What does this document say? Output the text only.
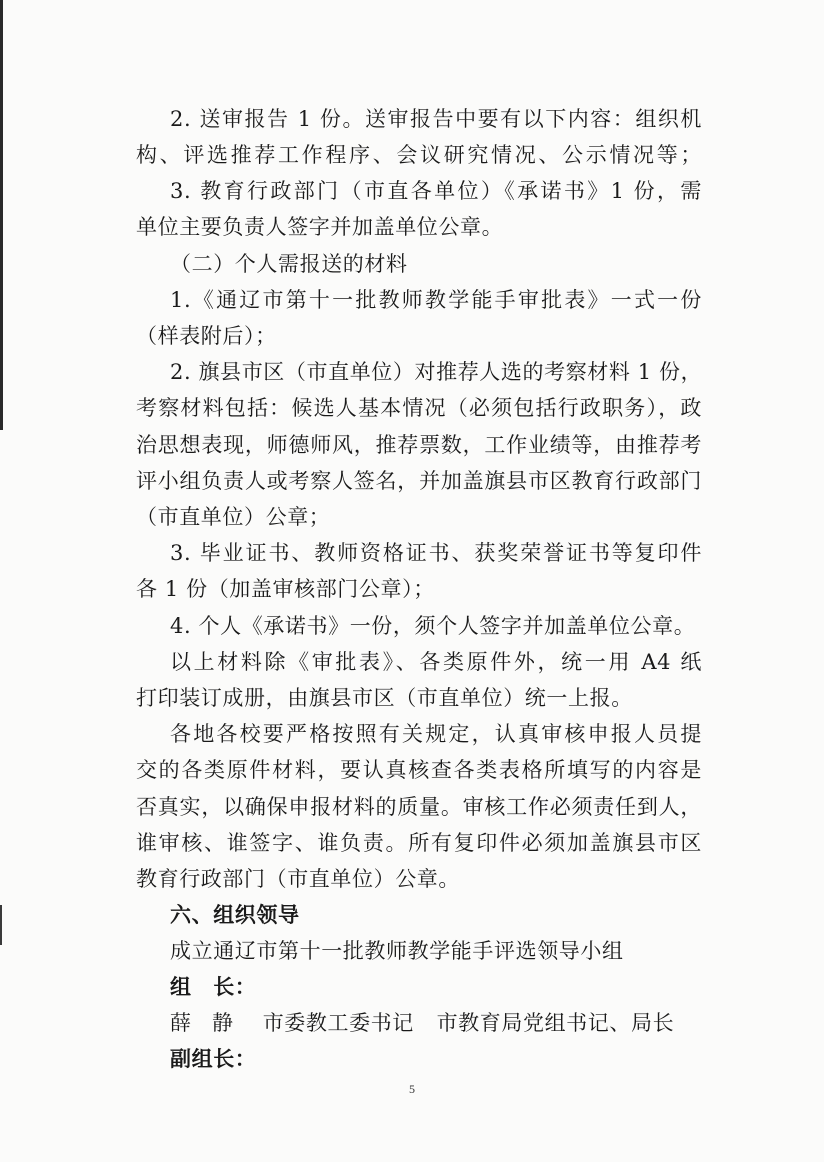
2. 送审报告 1 份。送审报告中要有以下内容：组织机
构、评选推荐工作程序、会议研究情况、公示情况等；
3. 教育行政部门（市直各单位）《承诺书》1 份，需
单位主要负责人签字并加盖单位公章。
（二）个人需报送的材料
1.《通辽市第十一批教师教学能手审批表》一式一份
（样表附后）；
2. 旗县市区（市直单位）对推荐人选的考察材料 1 份，
考察材料包括：候选人基本情况（必须包括行政职务），政
治思想表现，师德师风，推荐票数，工作业绩等，由推荐考
评小组负责人或考察人签名，并加盖旗县市区教育行政部门
（市直单位）公章；
3. 毕业证书、教师资格证书、获奖荣誉证书等复印件
各 1 份（加盖审核部门公章）；
4. 个人《承诺书》一份，须个人签字并加盖单位公章。
以上材料除《审批表》、各类原件外，统一用 A4 纸
打印装订成册，由旗县市区（市直单位）统一上报。
各地各校要严格按照有关规定，认真审核申报人员提
交的各类原件材料，要认真核查各类表格所填写的内容是
否真实，以确保申报材料的质量。审核工作必须责任到人，
谁审核、谁签字、谁负责。所有复印件必须加盖旗县市区
教育行政部门（市直单位）公章。
六、组织领导
成立通辽市第十一批教师教学能手评选领导小组
组　长：
薛　静 市委教工委书记 市教育局党组书记、局长
副组长：
5
